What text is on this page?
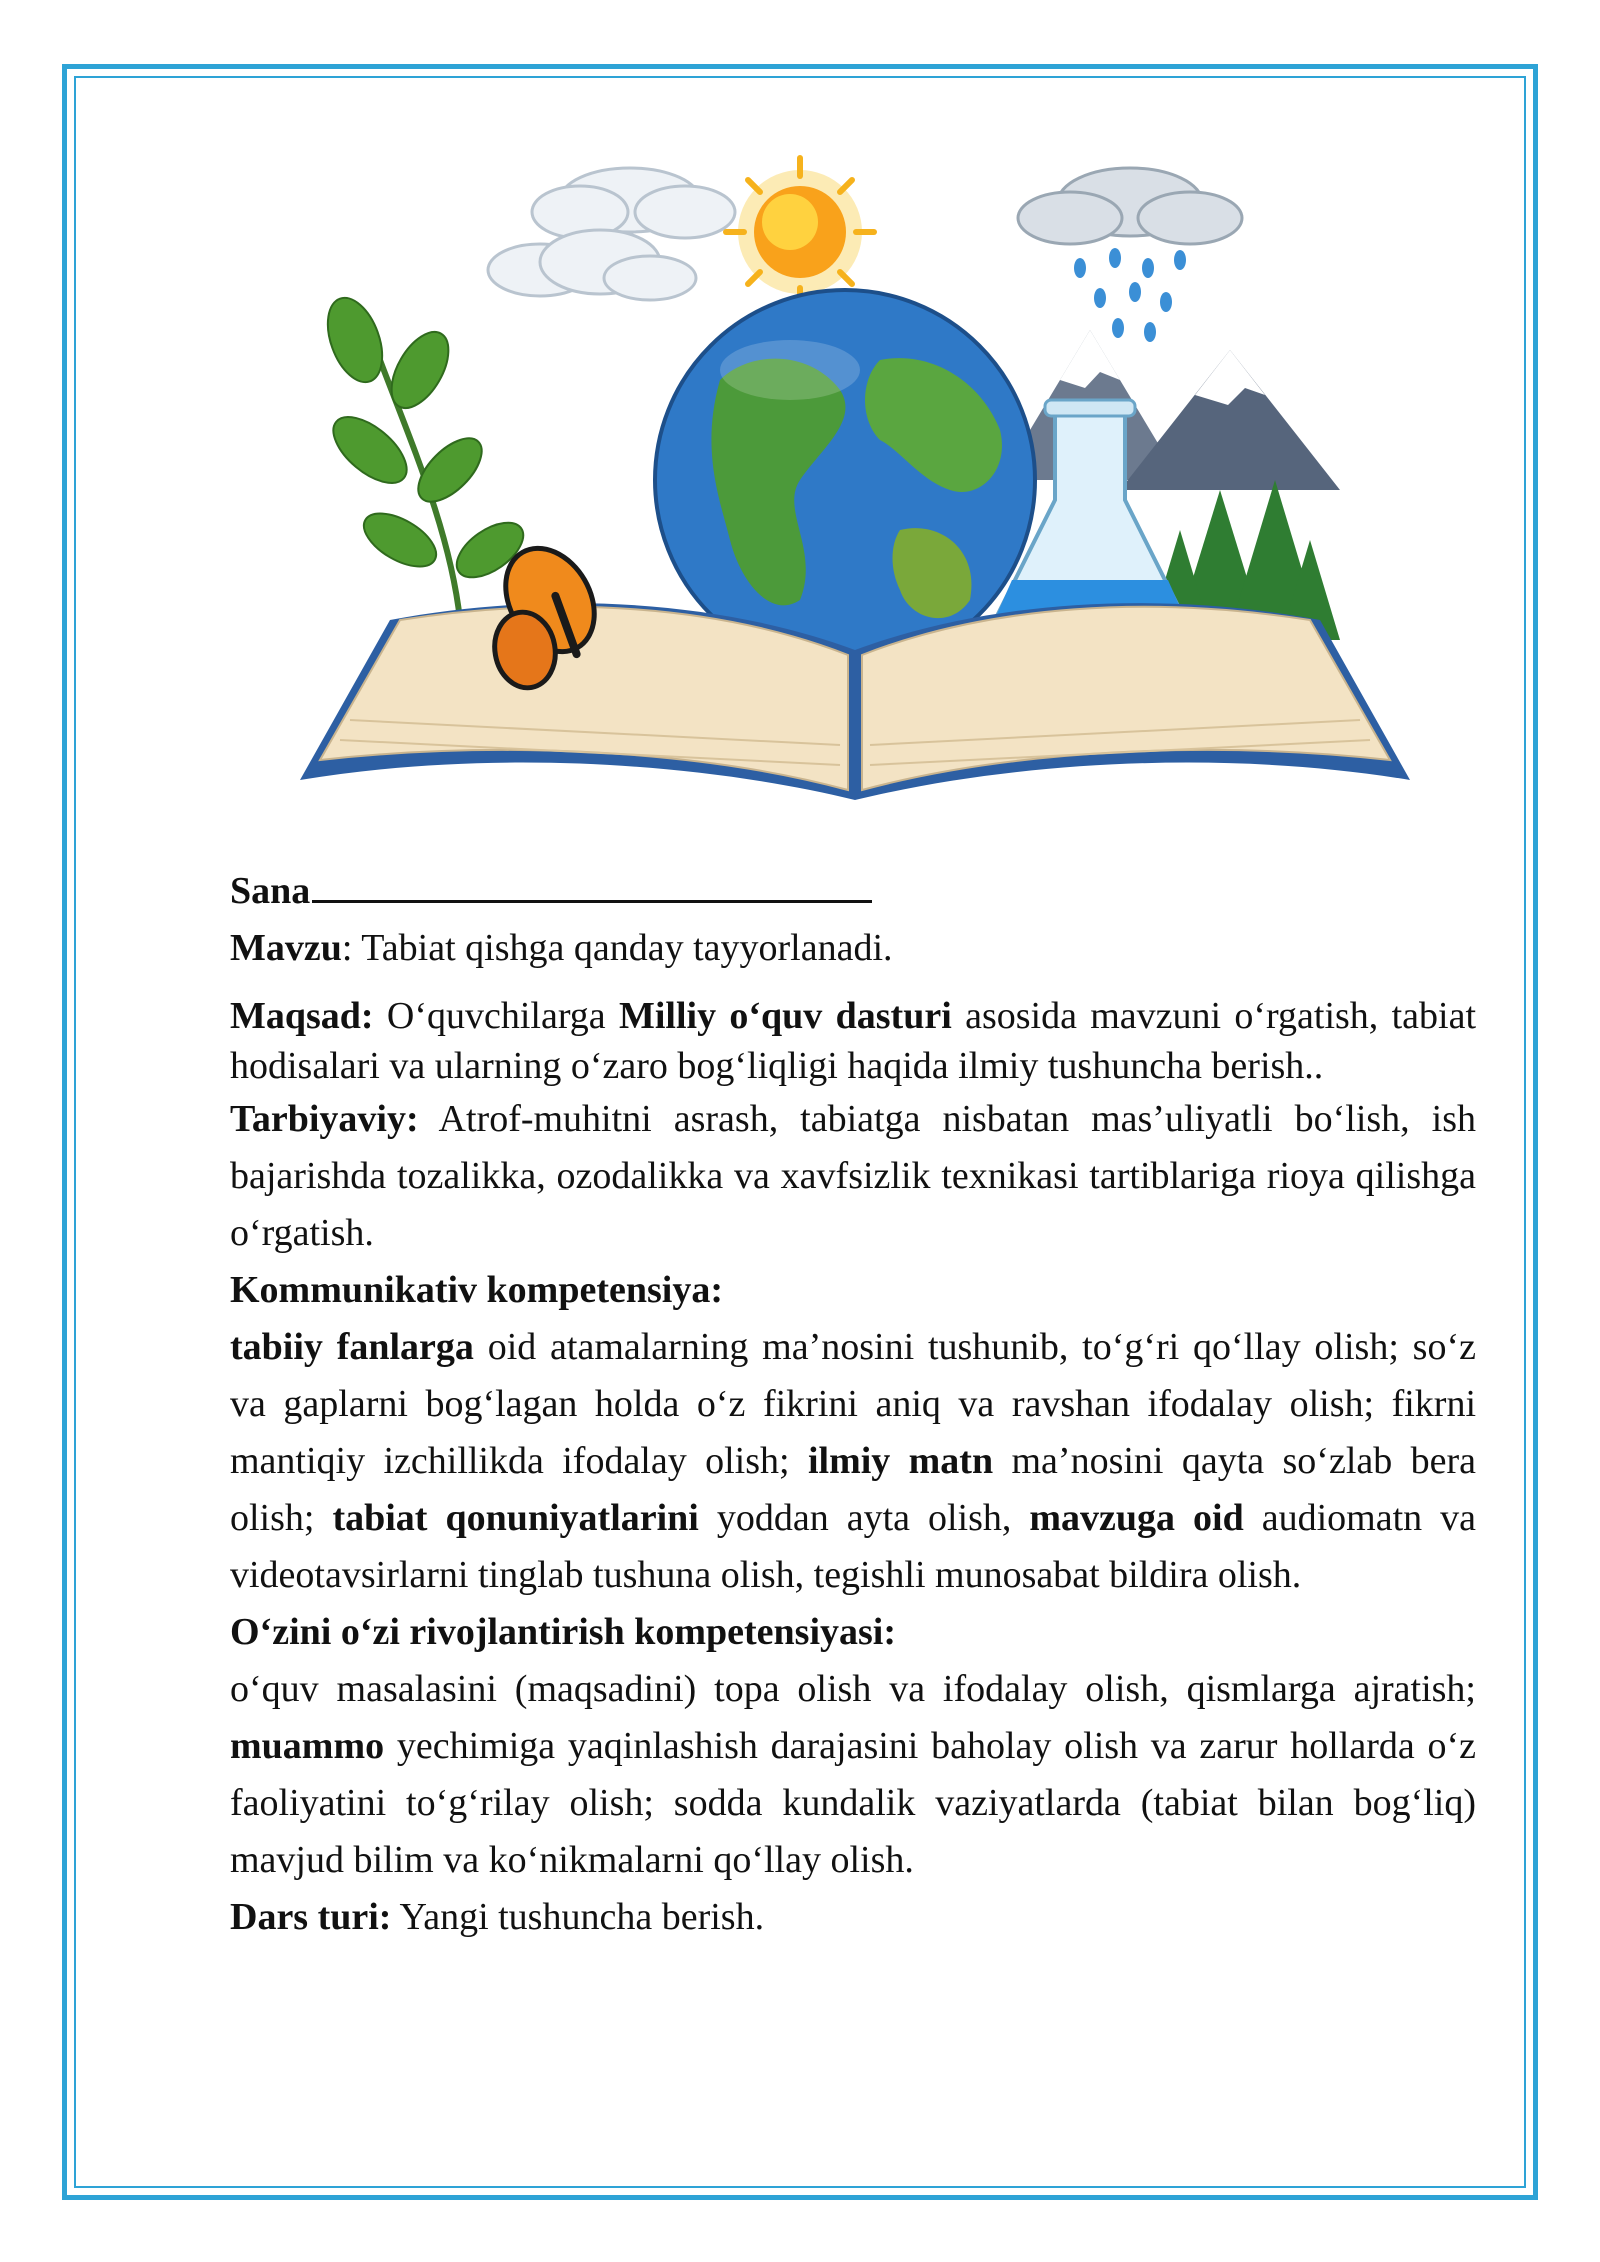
Sana

Mavzu: Tabiat qishga qanday tayyorlanadi.

Maqsad: O‘quvchilarga Milliy o‘quv dasturi asosida mavzuni o‘rgatish, tabiat hodisalari va ularning o‘zaro bog‘liqligi haqida ilmiy tushuncha berish..

Tarbiyaviy: Atrof-muhitni asrash, tabiatga nisbatan mas’uliyatli bo‘lish, ish bajarishda tozalikka, ozodalikka va xavfsizlik texnikasi tartiblariga rioya qilishga o‘rgatish.

Kommunikativ kompetensiya:

tabiiy fanlarga oid atamalarning ma’nosini tushunib, to‘g‘ri qo‘llay olish; so‘z va gaplarni bog‘lagan holda o‘z fikrini aniq va ravshan ifodalay olish; fikrni mantiqiy izchillikda ifodalay olish; ilmiy matn ma’nosini qayta so‘zlab bera olish; tabiat qonuniyatlarini yoddan ayta olish, mavzuga oid audiomatn va videotavsirlarni tinglab tushuna olish, tegishli munosabat bildira olish.

O‘zini o‘zi rivojlantirish kompetensiyasi:

o‘quv masalasini (maqsadini) topa olish va ifodalay olish, qismlarga ajratish; muammo yechimiga yaqinlashish darajasini baholay olish va zarur hollarda o‘z faoliyatini to‘g‘rilay olish; sodda kundalik vaziyatlarda (tabiat bilan bog‘liq) mavjud bilim va ko‘nikmalarni qo‘llay olish.

Dars turi: Yangi tushuncha berish.
